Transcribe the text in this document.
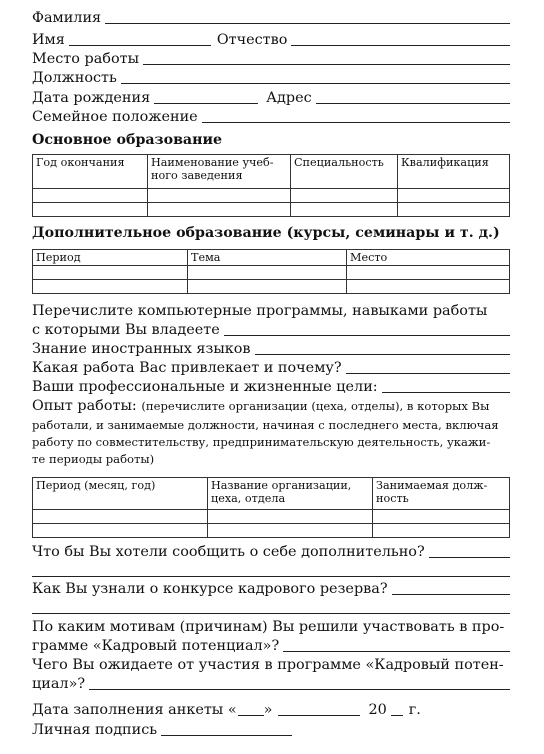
Фамилия
Имя	Отчество
Место работы
Должность
Дата рождения	Адрес
Семейное положение
Основное образование
Год окончания	Наименование учеб-ного заведения	Специальность	Квалификация

Дополнительное образование (курсы, семинары и т. д.)
Период	Тема	Место

Перечислите компьютерные программы, навыками работы
с которыми Вы владеете
Знание иностранных языков
Какая работа Вас привлекает и почему?
Ваши профессиональные и жизненные цели:
Опыт работы: (перечислите организации (цеха, отделы), в которых Вы
работали, и занимаемые должности, начиная с последнего места, включая
работу по совместительству, предпринимательскую деятельность, укажи-
те периоды работы)
Период (месяц, год)	Название организации, цеха, отдела	Занимаемая долж-ность

Что бы Вы хотели сообщить о себе дополнительно?
Как Вы узнали о конкурсе кадрового резерва?
По каким мотивам (причинам) Вы решили участвовать в про-
грамме «Кадровый потенциал»?
Чего Вы ожидаете от участия в программе «Кадровый потен-
циал»?
Дата заполнения анкеты « »	20 г.
Личная подпись
